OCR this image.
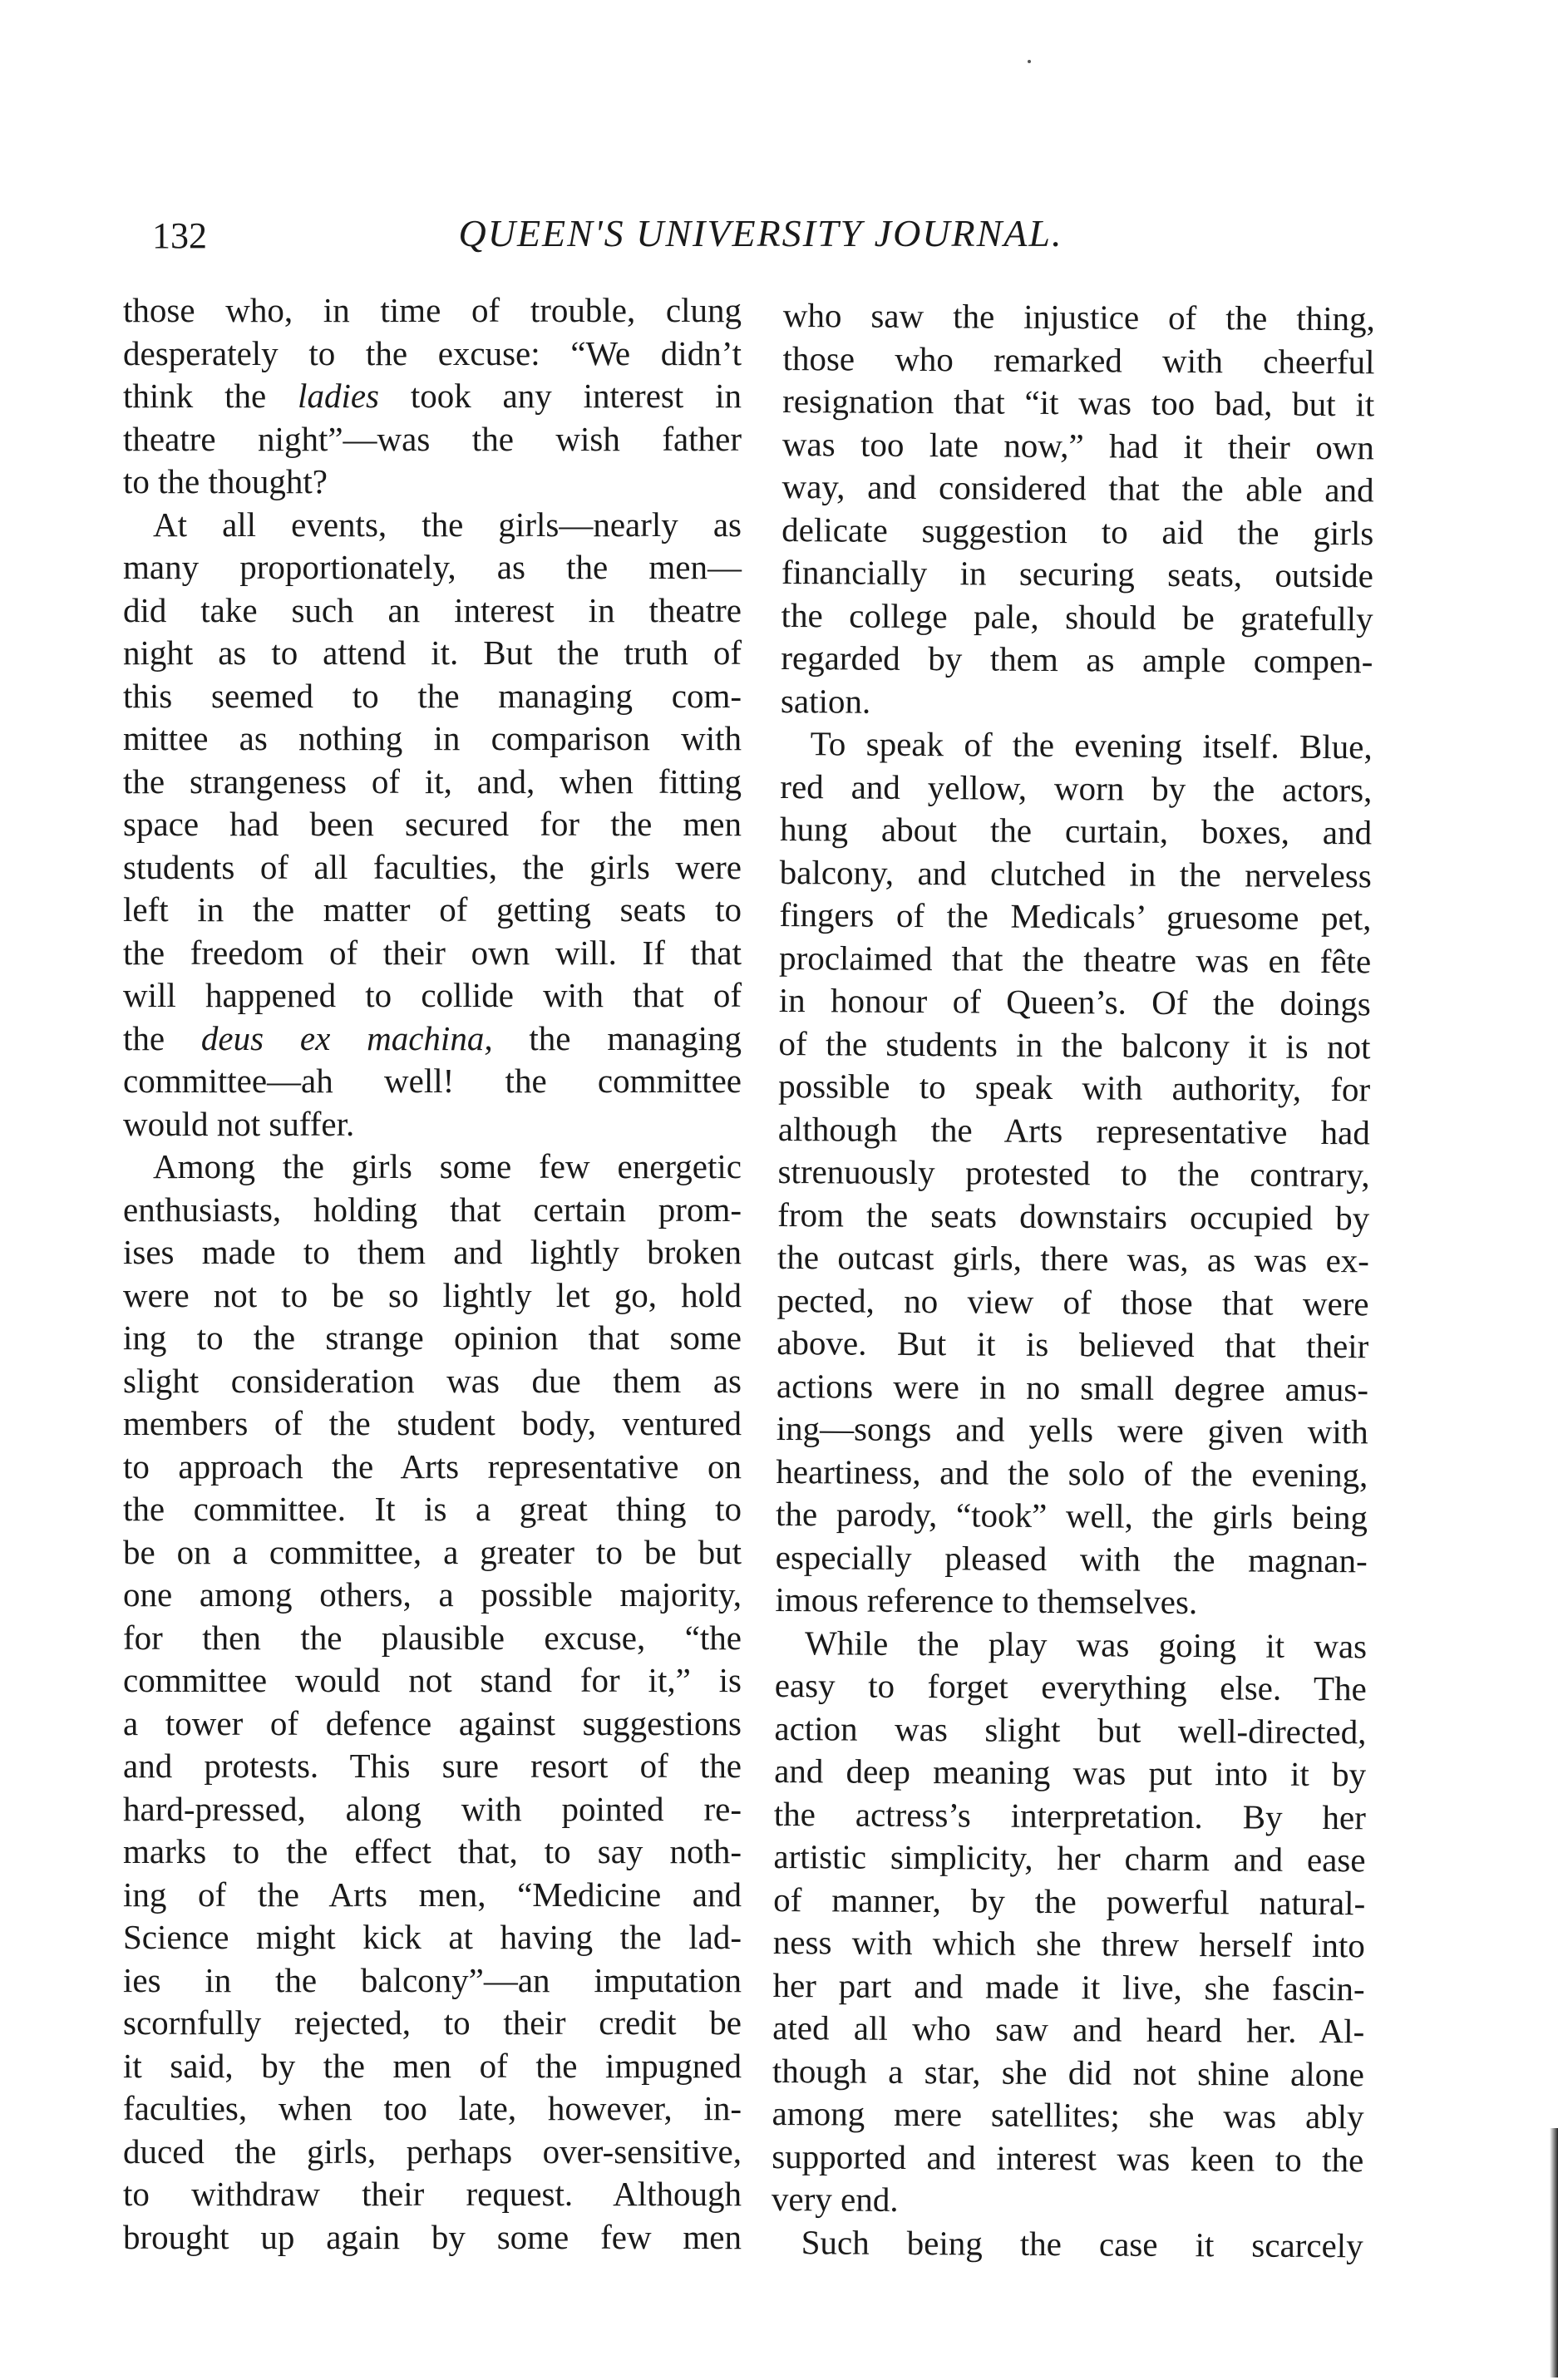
132	QUEEN'S UNIVERSITY JOURNAL.
those who, in time of trouble, clung
desperately to the excuse: “We didn’t
think the ladies took any interest in
theatre night”—was the wish father
to the thought?
At all events, the girls—nearly as
many proportionately, as the men—
did take such an interest in theatre
night as to attend it. But the truth of
this seemed to the managing com-
mittee as nothing in comparison with
the strangeness of it, and, when fitting
space had been secured for the men
students of all faculties, the girls were
left in the matter of getting seats to
the freedom of their own will. If that
will happened to collide with that of
the deus ex machina, the managing
committee—ah well! the committee
would not suffer.
Among the girls some few energetic
enthusiasts, holding that certain prom-
ises made to them and lightly broken
were not to be so lightly let go, hold
ing to the strange opinion that some
slight consideration was due them as
members of the student body, ventured
to approach the Arts representative on
the committee. It is a great thing to
be on a committee, a greater to be but
one among others, a possible majority,
for then the plausible excuse, “the
committee would not stand for it,” is
a tower of defence against suggestions
and protests. This sure resort of the
hard-pressed, along with pointed re-
marks to the effect that, to say noth-
ing of the Arts men, “Medicine and
Science might kick at having the lad-
ies in the balcony”—an imputation
scornfully rejected, to their credit be
it said, by the men of the impugned
faculties, when too late, however, in-
duced the girls, perhaps over-sensitive,
to withdraw their request. Although
brought up again by some few men
who saw the injustice of the thing,
those who remarked with cheerful
resignation that “it was too bad, but it
was too late now,” had it their own
way, and considered that the able and
delicate suggestion to aid the girls
financially in securing seats, outside
the college pale, should be gratefully
regarded by them as ample compen-
sation.
To speak of the evening itself. Blue,
red and yellow, worn by the actors,
hung about the curtain, boxes, and
balcony, and clutched in the nerveless
fingers of the Medicals’ gruesome pet,
proclaimed that the theatre was en fête
in honour of Queen’s. Of the doings
of the students in the balcony it is not
possible to speak with authority, for
although the Arts representative had
strenuously protested to the contrary,
from the seats downstairs occupied by
the outcast girls, there was, as was ex-
pected, no view of those that were
above. But it is believed that their
actions were in no small degree amus-
ing—songs and yells were given with
heartiness, and the solo of the evening,
the parody, “took” well, the girls being
especially pleased with the magnan-
imous reference to themselves.
While the play was going it was
easy to forget everything else. The
action was slight but well-directed,
and deep meaning was put into it by
the actress’s interpretation. By her
artistic simplicity, her charm and ease
of manner, by the powerful natural-
ness with which she threw herself into
her part and made it live, she fascin-
ated all who saw and heard her. Al-
though a star, she did not shine alone
among mere satellites; she was ably
supported and interest was keen to the
very end.
Such being the case it scarcely
